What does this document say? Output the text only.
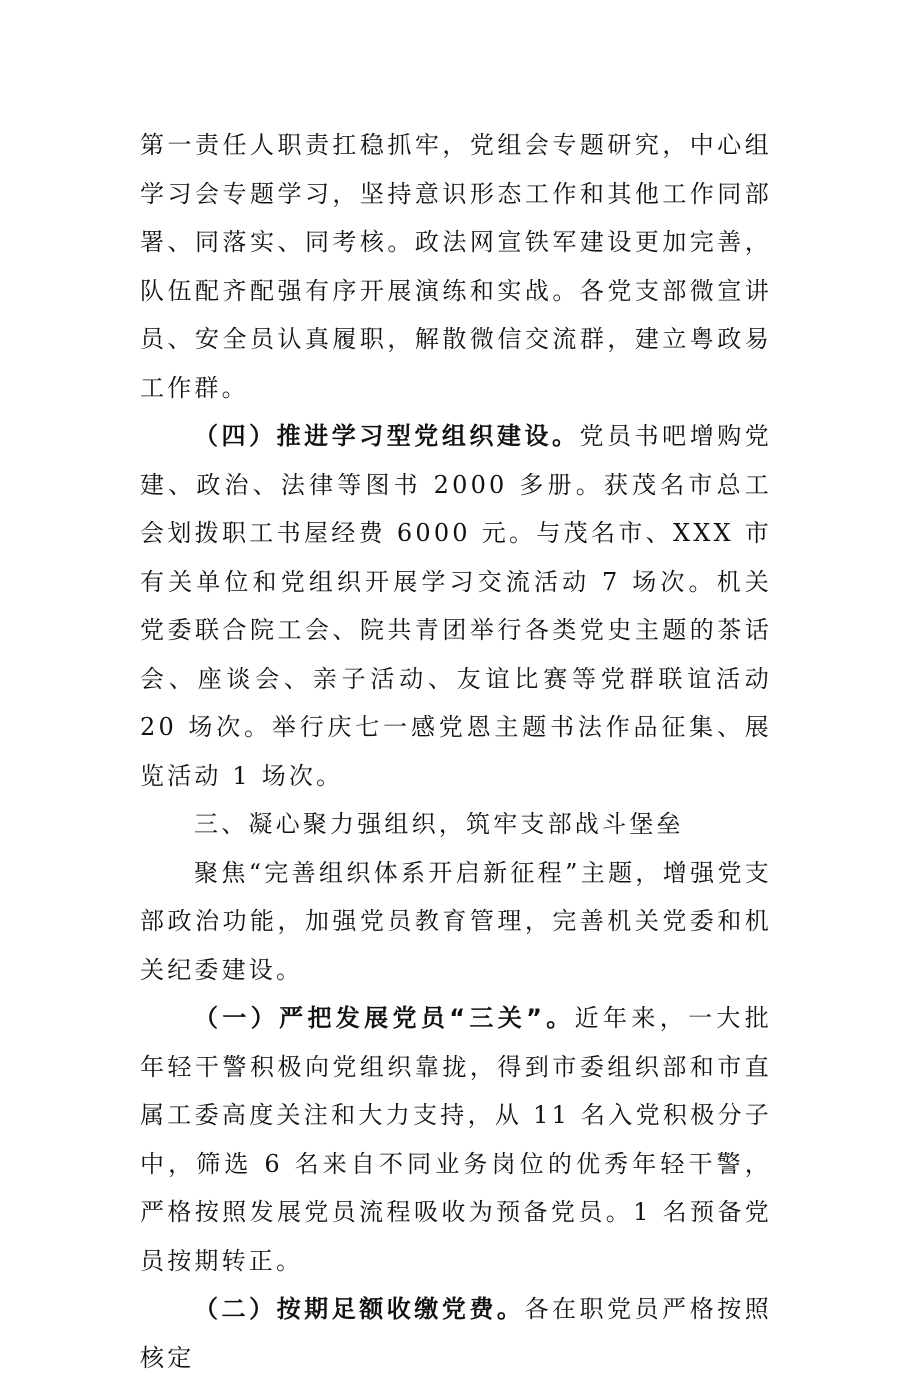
第一责任人职责扛稳抓牢，党组会专题研究，中心组学习会专题学习，坚持意识形态工作和其他工作同部署、同落实、同考核。政法网宣铁军建设更加完善，队伍配齐配强有序开展演练和实战。各党支部微宣讲员、安全员认真履职，解散微信交流群，建立粤政易工作群。

（四）推进学习型党组织建设。党员书吧增购党建、政治、法律等图书 2000 多册。获茂名市总工会划拨职工书屋经费 6000 元。与茂名市、XXX 市有关单位和党组织开展学习交流活动 7 场次。机关党委联合院工会、院共青团举行各类党史主题的茶话会、座谈会、亲子活动、友谊比赛等党群联谊活动 20 场次。举行庆七一感党恩主题书法作品征集、展览活动 1 场次。

三、凝心聚力强组织，筑牢支部战斗堡垒

聚焦“完善组织体系开启新征程”主题，增强党支部政治功能，加强党员教育管理，完善机关党委和机关纪委建设。

（一）严把发展党员“三关”。近年来，一大批年轻干警积极向党组织靠拢，得到市委组织部和市直属工委高度关注和大力支持，从 11 名入党积极分子中，筛选 6 名来自不同业务岗位的优秀年轻干警，严格按照发展党员流程吸收为预备党员。1 名预备党员按期转正。

（二）按期足额收缴党费。各在职党员严格按照核定
